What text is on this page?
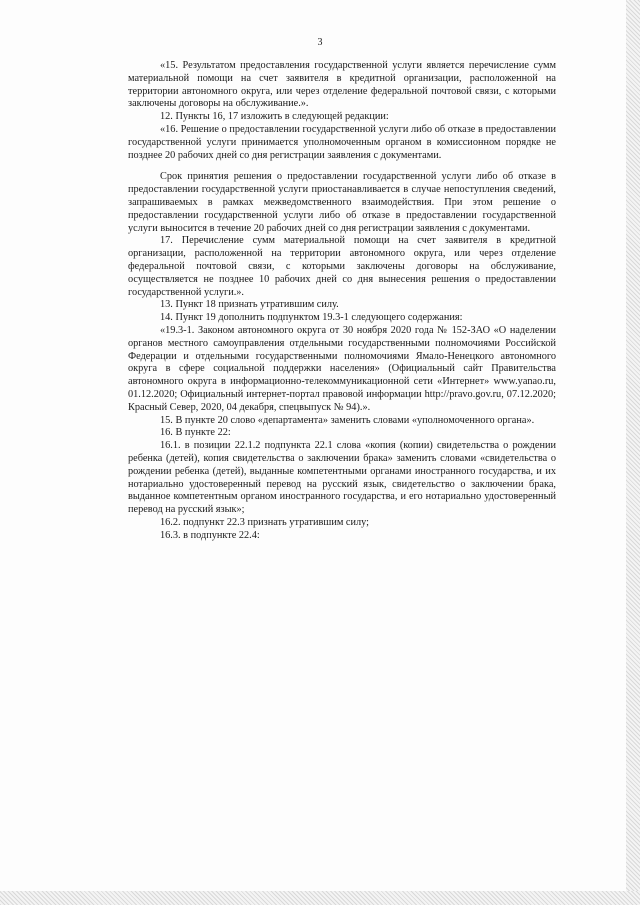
3

«15. Результатом предоставления государственной услуги является перечисление сумм материальной помощи на счет заявителя в кредитной организации, расположенной на территории автономного округа, или через отделение федеральной почтовой связи, с которыми заключены договоры на обслуживание.».

12. Пункты 16, 17 изложить в следующей редакции:

«16. Решение о предоставлении государственной услуги либо об отказе в предоставлении государственной услуги принимается уполномоченным органом в комиссионном порядке не позднее 20 рабочих дней со дня регистрации заявления с документами.

Срок принятия решения о предоставлении государственной услуги либо об отказе в предоставлении государственной услуги приостанавливается в случае непоступления сведений, запрашиваемых в рамках межведомственного взаимодействия. При этом решение о предоставлении государственной услуги либо об отказе в предоставлении государственной услуги выносится в течение 20 рабочих дней со дня регистрации заявления с документами.

17. Перечисление сумм материальной помощи на счет заявителя в кредитной организации, расположенной на территории автономного округа, или через отделение федеральной почтовой связи, с которыми заключены договоры на обслуживание, осуществляется не позднее 10 рабочих дней со дня вынесения решения о предоставлении государственной услуги.».

13. Пункт 18 признать утратившим силу.

14. Пункт 19 дополнить подпунктом 19.3-1 следующего содержания:

«19.3-1. Законом автономного округа от 30 ноября 2020 года № 152-ЗАО «О наделении органов местного самоуправления отдельными государственными полномочиями Российской Федерации и отдельными государственными полномочиями Ямало-Ненецкого автономного округа в сфере социальной поддержки населения» (Официальный сайт Правительства автономного округа в информационно-телекоммуникационной сети «Интернет» www.yanao.ru, 01.12.2020; Официальный интернет-портал правовой информации http://pravo.gov.ru, 07.12.2020; Красный Север, 2020, 04 декабря, спецвыпуск № 94).».

15. В пункте 20 слово «департамента» заменить словами «уполномоченного органа».

16. В пункте 22:

16.1. в позиции 22.1.2 подпункта 22.1 слова «копия (копии) свидетельства о рождении ребенка (детей), копия свидетельства о заключении брака» заменить словами «свидетельства о рождении ребенка (детей), выданные компетентными органами иностранного государства, и их нотариально удостоверенный перевод на русский язык, свидетельство о заключении брака, выданное компетентным органом иностранного государства, и его нотариально удостоверенный перевод на русский язык»;

16.2. подпункт 22.3 признать утратившим силу;

16.3. в подпункте 22.4:
